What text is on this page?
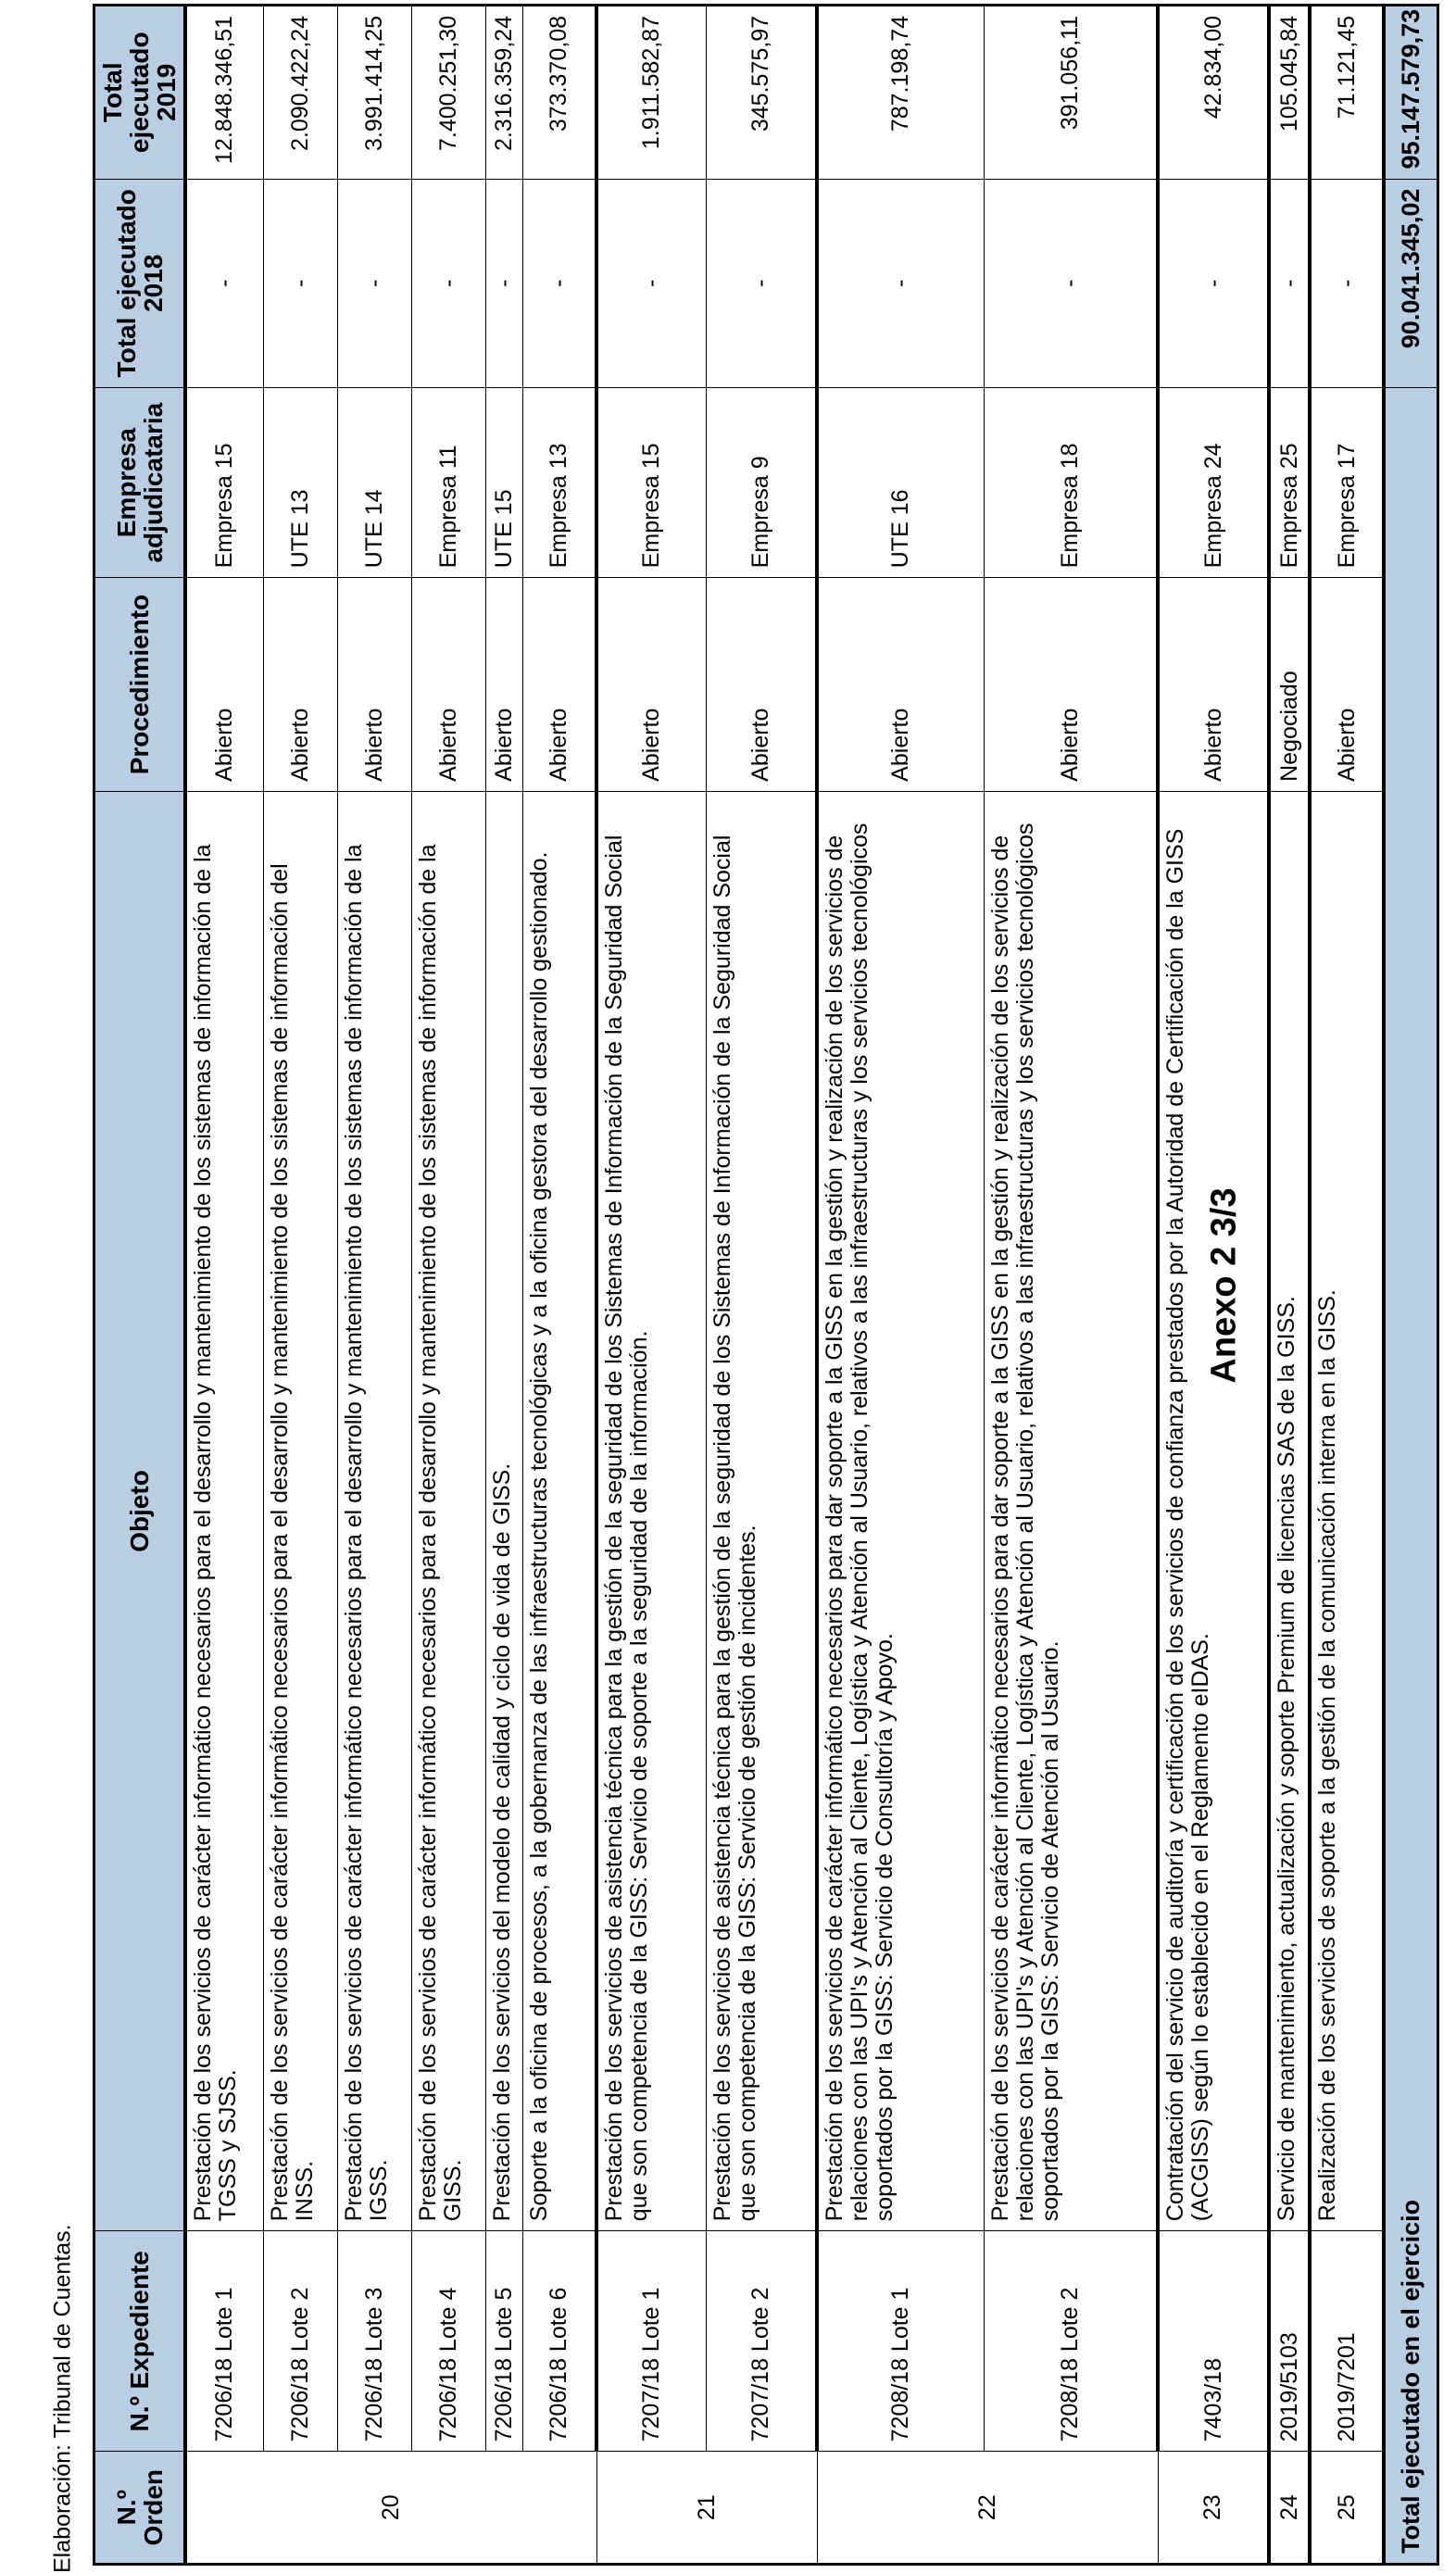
Anexo 2 3/3
N.º Orden	N.º Expediente	Objeto	Procedimiento	Empresa adjudicataria	Total ejecutado 2018	Total ejecutado 2019
20	7206/18 Lote 1	Prestación de los servicios de carácter informático necesarios para el desarrollo y mantenimiento de los sistemas de información de la TGSS y SJSS.	Abierto	Empresa 15	-	12.848.346,51
	7206/18 Lote 2	Prestación de los servicios de carácter informático necesarios para el desarrollo y mantenimiento de los sistemas de información del INSS.	Abierto	UTE 13	-	2.090.422,24
	7206/18 Lote 3	Prestación de los servicios de carácter informático necesarios para el desarrollo y mantenimiento de los sistemas de información de la IGSS.	Abierto	UTE 14	-	3.991.414,25
	7206/18 Lote 4	Prestación de los servicios de carácter informático necesarios para el desarrollo y mantenimiento de los sistemas de información de la GISS.	Abierto	Empresa 11	-	7.400.251,30
	7206/18 Lote 5	Prestación de los servicios del modelo de calidad y ciclo de vida de GISS.	Abierto	UTE 15	-	2.316.359,24
	7206/18 Lote 6	Soporte a la oficina de procesos, a la gobernanza de las infraestructuras tecnológicas y a la oficina gestora del desarrollo gestionado.	Abierto	Empresa 13	-	373.370,08
21	7207/18 Lote 1	Prestación de los servicios de asistencia técnica para la gestión de la seguridad de los Sistemas de Información de la Seguridad Social que son competencia de la GISS: Servicio de soporte a la seguridad de la información.	Abierto	Empresa 15	-	1.911.582,87
	7207/18 Lote 2	Prestación de los servicios de asistencia técnica para la gestión de la seguridad de los Sistemas de Información de la Seguridad Social que son competencia de la GISS: Servicio de gestión de incidentes.	Abierto	Empresa 9	-	345.575,97
22	7208/18 Lote 1	Prestación de los servicios de carácter informático necesarios para dar soporte a la GISS en la gestión y realización de los servicios de relaciones con las UPI's y Atención al Cliente, Logística y Atención al Usuario, relativos a las infraestructuras y los servicios tecnológicos soportados por la GISS: Servicio de Consultoría y Apoyo.	Abierto	UTE 16	-	787.198,74
	7208/18 Lote 2	Prestación de los servicios de carácter informático necesarios para dar soporte a la GISS en la gestión y realización de los servicios de relaciones con las UPI's y Atención al Cliente, Logística y Atención al Usuario, relativos a las infraestructuras y los servicios tecnológicos soportados por la GISS: Servicio de Atención al Usuario.	Abierto	Empresa 18	-	391.056,11
23	7403/18	Contratación del servicio de auditoría y certificación de los servicios de confianza prestados por la Autoridad de Certificación de la GISS (ACGISS) según lo establecido en el Reglamento eIDAS.	Abierto	Empresa 24	-	42.834,00
24	2019/5103	Servicio de mantenimiento, actualización y soporte Premium de licencias SAS de la GISS.	Negociado	Empresa 25	-	105.045,84
25	2019/7201	Realización de los servicios de soporte a la gestión de la comunicación interna en la GISS.	Abierto	Empresa 17	-	71.121,45
Total ejecutado en el ejercicio					90.041.345,02	95.147.579,73
Elaboración: Tribunal de Cuentas.
